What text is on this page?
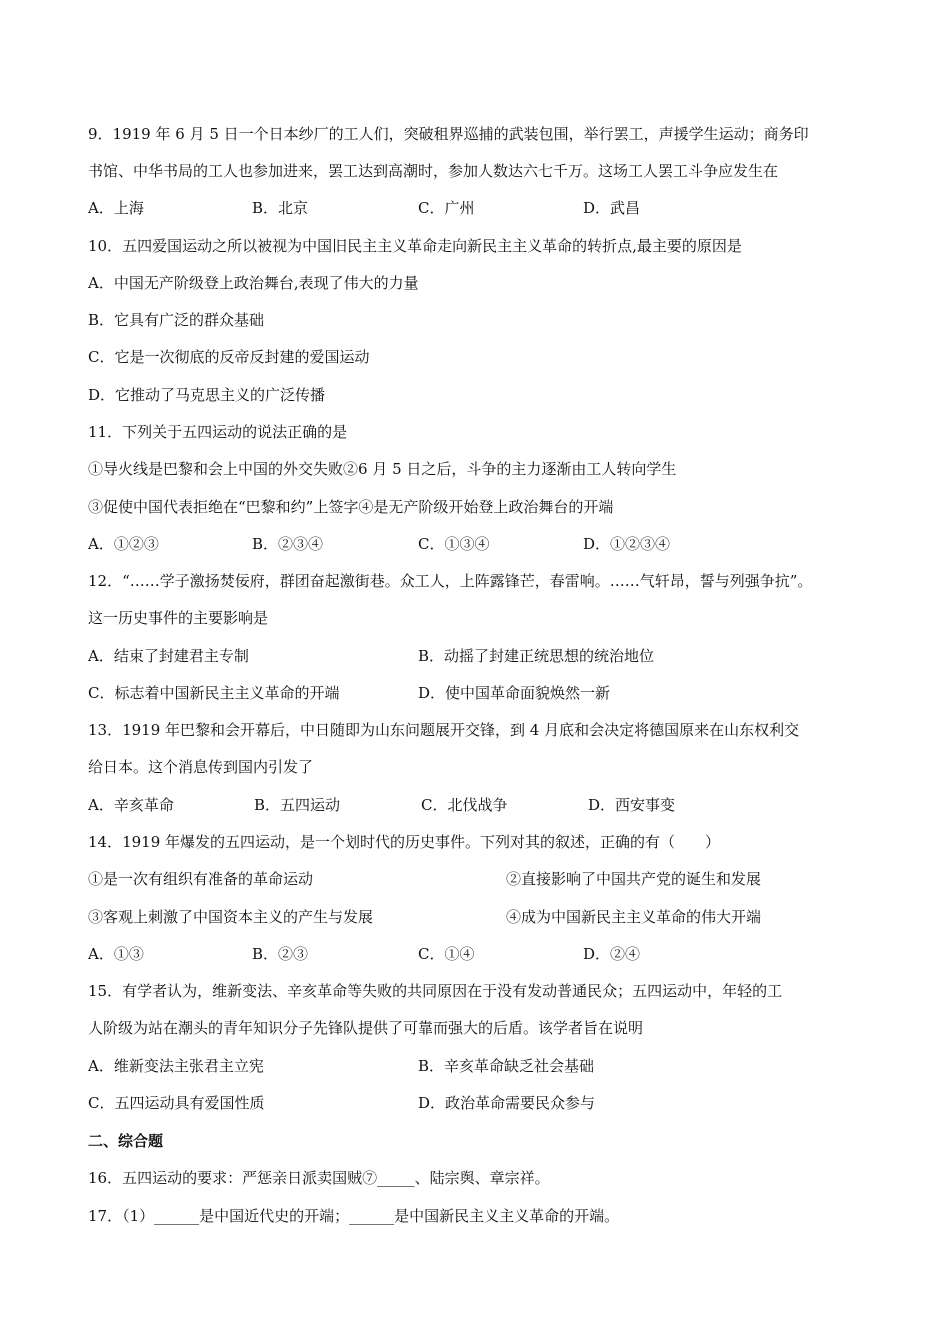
9．1919 年 6 月 5 日一个日本纱厂的工人们，突破租界巡捕的武装包围，举行罢工，声援学生运动；商务印
书馆、中华书局的工人也参加进来，罢工达到高潮时，参加人数达六七千万。这场工人罢工斗争应发生在
A．上海	B．北京	C．广州	D．武昌
10．五四爱国运动之所以被视为中国旧民主主义革命走向新民主主义革命的转折点,最主要的原因是
A．中国无产阶级登上政治舞台,表现了伟大的力量
B．它具有广泛的群众基础
C．它是一次彻底的反帝反封建的爱国运动
D．它推动了马克思主义的广泛传播
11．下列关于五四运动的说法正确的是
①导火线是巴黎和会上中国的外交失败②6 月 5 日之后，斗争的主力逐渐由工人转向学生
③促使中国代表拒绝在“巴黎和约”上签字④是无产阶级开始登上政治舞台的开端
A．①②③	B．②③④	C．①③④	D．①②③④
12．“……学子激扬焚佞府，群团奋起激街巷。众工人，上阵露锋芒，春雷响。……气轩昂，誓与列强争抗”。
这一历史事件的主要影响是
A．结束了封建君主专制	B．动摇了封建正统思想的统治地位
C．标志着中国新民主主义革命的开端	D．使中国革命面貌焕然一新
13．1919 年巴黎和会开幕后，中日随即为山东问题展开交锋，到 4 月底和会决定将德国原来在山东权利交
给日本。这个消息传到国内引发了
A．辛亥革命	B．五四运动	C．北伐战争	D．西安事变
14．1919 年爆发的五四运动，是一个划时代的历史事件。下列对其的叙述，正确的有（　　）
①是一次有组织有准备的革命运动	②直接影响了中国共产党的诞生和发展
③客观上刺激了中国资本主义的产生与发展	④成为中国新民主主义革命的伟大开端
A．①③	B．②③	C．①④	D．②④
15．有学者认为，维新变法、辛亥革命等失败的共同原因在于没有发动普通民众；五四运动中，年轻的工
人阶级为站在潮头的青年知识分子先锋队提供了可靠而强大的后盾。该学者旨在说明
A．维新变法主张君主立宪	B．辛亥革命缺乏社会基础
C．五四运动具有爱国性质	D．政治革命需要民众参与
二、综合题
16．五四运动的要求：严惩亲日派卖国贼⑦_____、陆宗舆、章宗祥。
17．（1）______是中国近代史的开端；______是中国新民主义主义革命的开端。
